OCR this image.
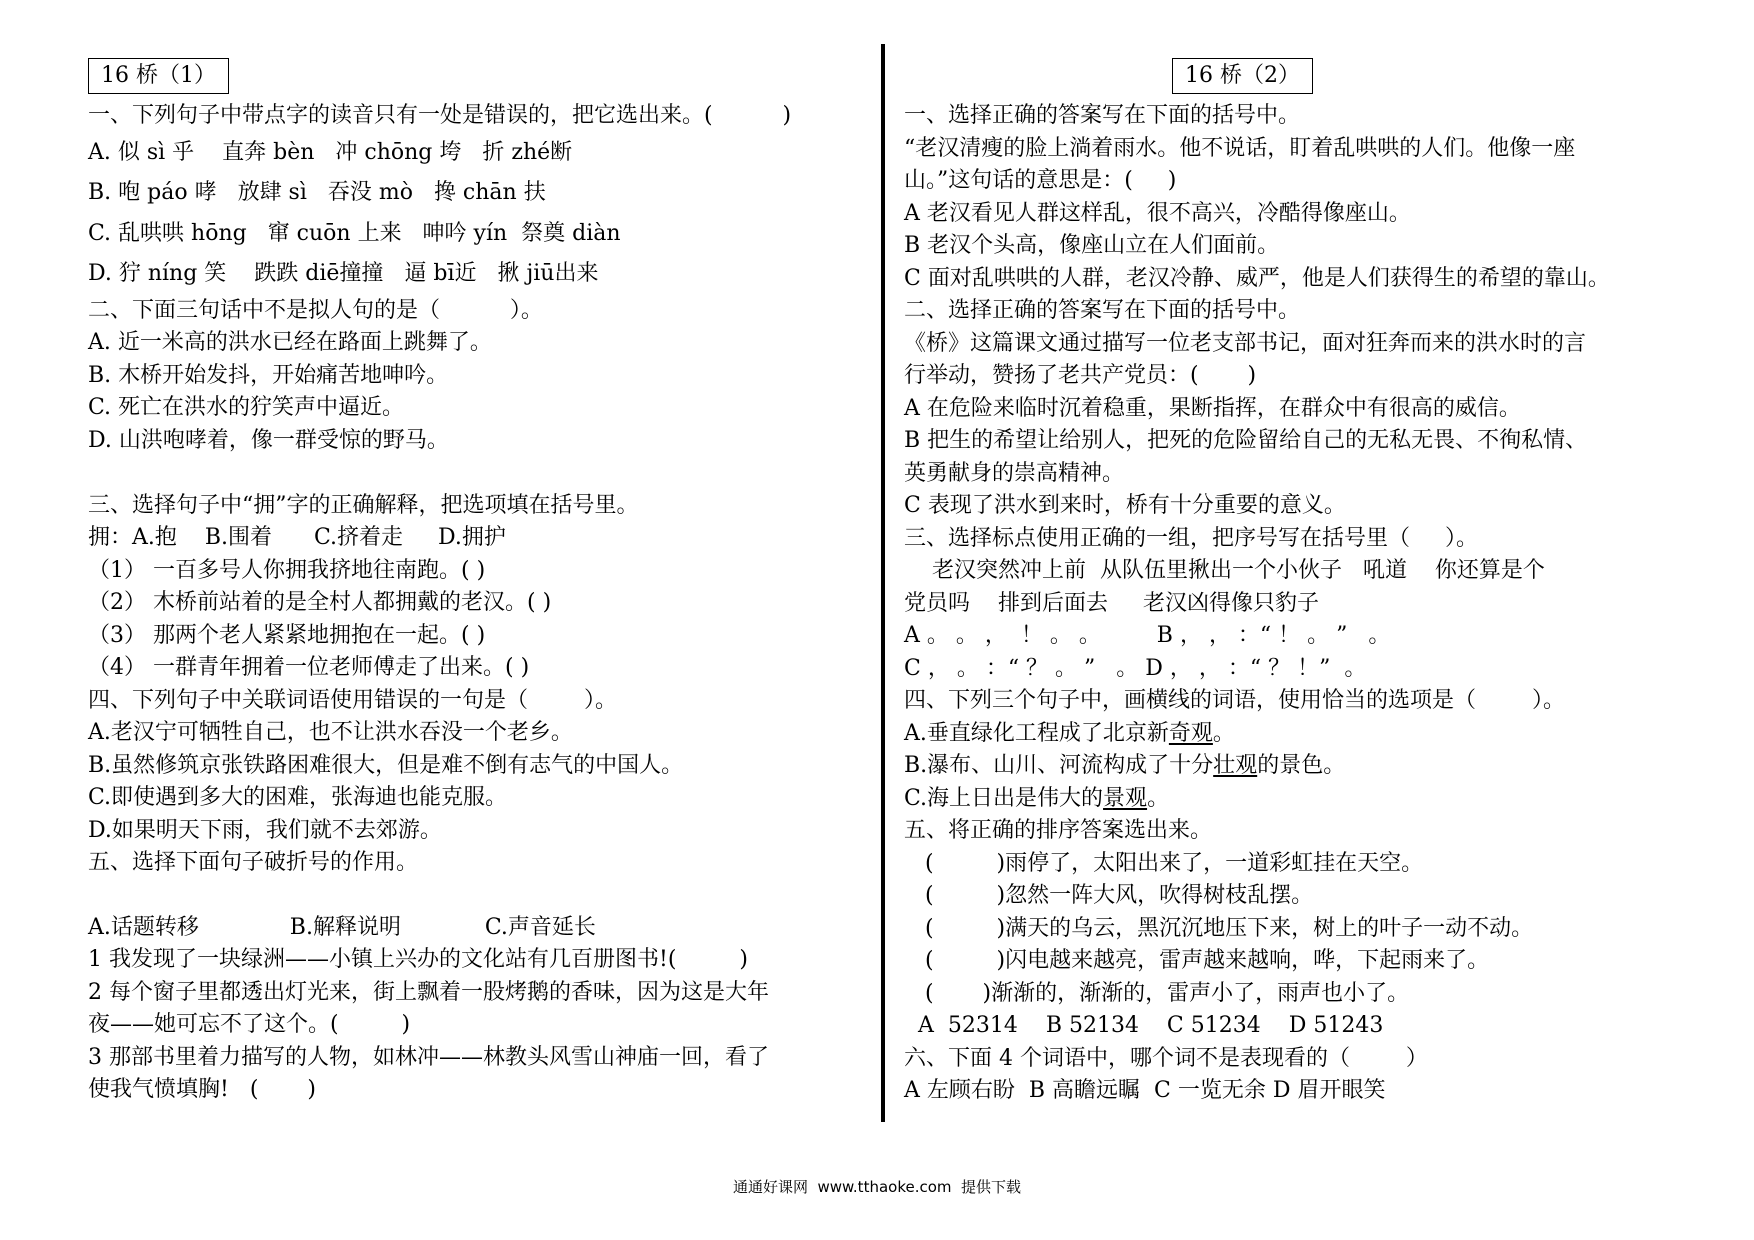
16 桥（1）
一、下列句子中带点字的读音只有一处是错误的，把它选出来。(          )
A. 似 sì 乎    直奔 bèn   冲 chōng 垮   折 zhé断
B. 咆 páo 哮   放肆 sì   吞没 mò   搀 chān 扶
C. 乱哄哄 hōng   窜 cuōn 上来   呻吟 yín  祭奠 diàn
D. 狞 níng 笑    跌跌 diē撞撞   逼 bī近   揪 jiū出来
二、下面三句话中不是拟人句的是（          ）。
A. 近一米高的洪水已经在路面上跳舞了。
B. 木桥开始发抖，开始痛苦地呻吟。
C. 死亡在洪水的狞笑声中逼近。
D. 山洪咆哮着，像一群受惊的野马。
三、选择句子中“拥”字的正确解释，把选项填在括号里。
拥：A.抱    B.围着      C.挤着走     D.拥护
（1） 一百多号人你拥我挤地往南跑。( )
（2） 木桥前站着的是全村人都拥戴的老汉。( )
（3） 那两个老人紧紧地拥抱在一起。( )
（4） 一群青年拥着一位老师傅走了出来。( )
四、下列句子中关联词语使用错误的一句是（        ）。
A.老汉宁可牺牲自己，也不让洪水吞没一个老乡。
B.虽然修筑京张铁路困难很大，但是难不倒有志气的中国人。
C.即使遇到多大的困难，张海迪也能克服。
D.如果明天下雨，我们就不去郊游。
五、选择下面句子破折号的作用。
A.话题转移             B.解释说明            C.声音延长
1 我发现了一块绿洲——小镇上兴办的文化站有几百册图书!(         )
2 每个窗子里都透出灯光来，街上飘着一股烤鹅的香味，因为这是大年
夜——她可忘不了这个。(         )
3 那部书里着力描写的人物，如林冲——林教头风雪山神庙一回，看了
使我气愤填胸!   (       )
16 桥（2）
一、选择正确的答案写在下面的括号中。
“老汉清瘦的脸上淌着雨水。他不说话，盯着乱哄哄的人们。他像一座
山。”这句话的意思是：(     )
A 老汉看见人群这样乱，很不高兴，冷酷得像座山。
B 老汉个头高，像座山立在人们面前。
C 面对乱哄哄的人群，老汉冷静、威严，他是人们获得生的希望的靠山。
二、选择正确的答案写在下面的括号中。
《桥》这篇课文通过描写一位老支部书记，面对狂奔而来的洪水时的言
行举动，赞扬了老共产党员：(       )
A 在危险来临时沉着稳重，果断指挥，在群众中有很高的威信。
B 把生的希望让给别人，把死的危险留给自己的无私无畏、不徇私情、
英勇献身的崇高精神。
C 表现了洪水到来时，桥有十分重要的意义。
三、选择标点使用正确的一组，把序号写在括号里（     ）。
老汉突然冲上前  从队伍里揪出一个小伙子   吼道    你还算是个
党员吗    排到后面去     老汉凶得像只豹子
A 。 。 ，  ！ 。 。        B ， ， ：“ ！ 。 ”   。
C ， 。 ：“ ？ 。 ”   。 D ， ， ：“ ？ ！”  。
四、下列三个句子中，画横线的词语，使用恰当的选项是（        ）。
A.垂直绿化工程成了北京新奇观。
B.瀑布、山川、河流构成了十分壮观的景色。
C.海上日出是伟大的景观。
五、将正确的排序答案选出来。
(         )雨停了，太阳出来了，一道彩虹挂在天空。
(         )忽然一阵大风，吹得树枝乱摆。
(         )满天的乌云，黑沉沉地压下来，树上的叶子一动不动。
(         )闪电越来越亮，雷声越来越响，哗，下起雨来了。
(       )渐渐的，渐渐的，雷声小了，雨声也小了。
A  52314    B 52134    C 51234    D 51243
六、下面 4 个词语中，哪个词不是表现看的（        ）
A 左顾右盼  B 高瞻远瞩  C 一览无余 D 眉开眼笑
通通好课网  www.tthaoke.com  提供下载
